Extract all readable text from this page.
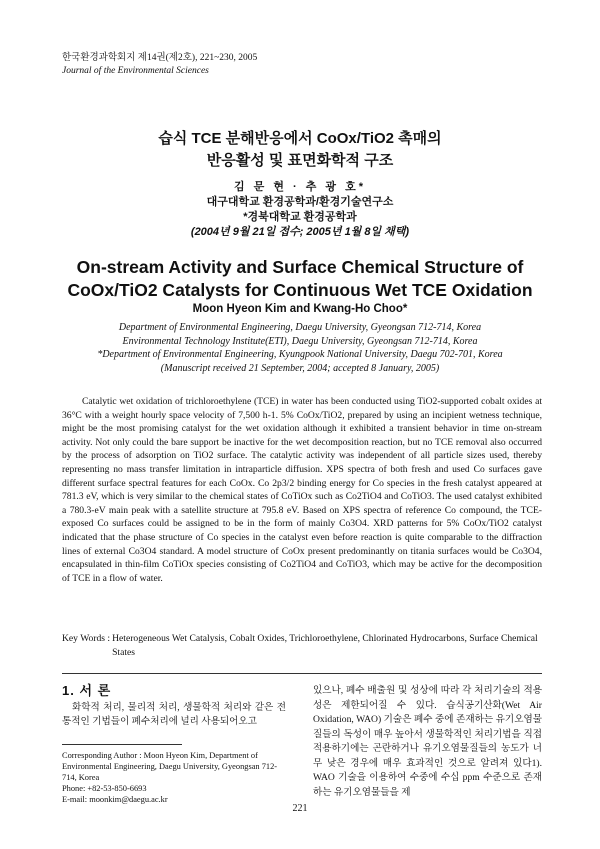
한국환경과학회지 제14권(제2호), 221~230, 2005
Journal of the Environmental Sciences
습식 TCE 분해반응에서 CoOx/TiO2 촉매의
반응활성 및 표면화학적 구조
김 문 현 · 추 광 호*
대구대학교 환경공학과/환경기술연구소
*경북대학교 환경공학과
(2004년 9월 21일 접수; 2005년 1월 8일 채택)
On-stream Activity and Surface Chemical Structure of
CoOx/TiO2 Catalysts for Continuous Wet TCE Oxidation
Moon Hyeon Kim and Kwang-Ho Choo*
Department of Environmental Engineering, Daegu University, Gyeongsan 712-714, Korea
Environmental Technology Institute(ETI), Daegu University, Gyeongsan 712-714, Korea
*Department of Environmental Engineering, Kyungpook National University, Daegu 702-701, Korea
(Manuscript received 21 September, 2004; accepted 8 January, 2005)

Catalytic wet oxidation of trichloroethylene (TCE) in water has been conducted using TiO2-supported cobalt oxides at 36°C with a weight hourly space velocity of 7,500 h-1. 5% CoOx/TiO2, prepared by using an incipient wetness technique, might be the most promising catalyst for the wet oxidation although it exhibited a transient behavior in time on-stream activity. Not only could the bare support be inactive for the wet decomposition reaction, but no TCE removal also occurred by the process of adsorption on TiO2 surface. The catalytic activity was independent of all particle sizes used, thereby representing no mass transfer limitation in intraparticle diffusion. XPS spectra of both fresh and used Co surfaces gave different surface spectral features for each CoOx. Co 2p3/2 binding energy for Co species in the fresh catalyst appeared at 781.3 eV, which is very similar to the chemical states of CoTiOx such as Co2TiO4 and CoTiO3. The used catalyst exhibited a 780.3-eV main peak with a satellite structure at 795.8 eV. Based on XPS spectra of reference Co compound, the TCE-exposed Co surfaces could be assigned to be in the form of mainly Co3O4. XRD patterns for 5% CoOx/TiO2 catalyst indicated that the phase structure of Co species in the catalyst even before reaction is quite comparable to the diffraction lines of external Co3O4 standard. A model structure of CoOx present predominantly on titania surfaces would be Co3O4, encapsulated in thin-film CoTiOx species consisting of Co2TiO4 and CoTiO3, which may be active for the decomposition of TCE in a flow of water.

Key Words : Heterogeneous Wet Catalysis, Cobalt Oxides, Trichloroethylene, Chlorinated Hydrocarbons, Surface Chemical States
1. 서 론

화학적 처리, 물리적 처리, 생물학적 처리와 같은 전통적인 기법들이 폐수처리에 널리 사용되어오고

있으나, 폐수 배출원 및 성상에 따라 각 처리기술의 적용성은 제한되어질 수 있다. 습식공기산화(Wet Air Oxidation, WAO) 기술은 폐수 중에 존재하는 유기오염물질들의 독성이 매우 높아서 생물학적인 처리기법을 직접 적용하기에는 곤란하거나 유기오염물질들의 농도가 너무 낮은 경우에 매우 효과적인 것으로 알려져 있다1). WAO 기술을 이용하여 수중에 수십 ppm 수준으로 존재하는 유기오염물들을 제

Corresponding Author : Moon Hyeon Kim, Department of Environmental Engineering, Daegu University, Gyeongsan 712-714, Korea

Phone: +82-53-850-6693

E-mail: moonkim@daegu.ac.kr

221
